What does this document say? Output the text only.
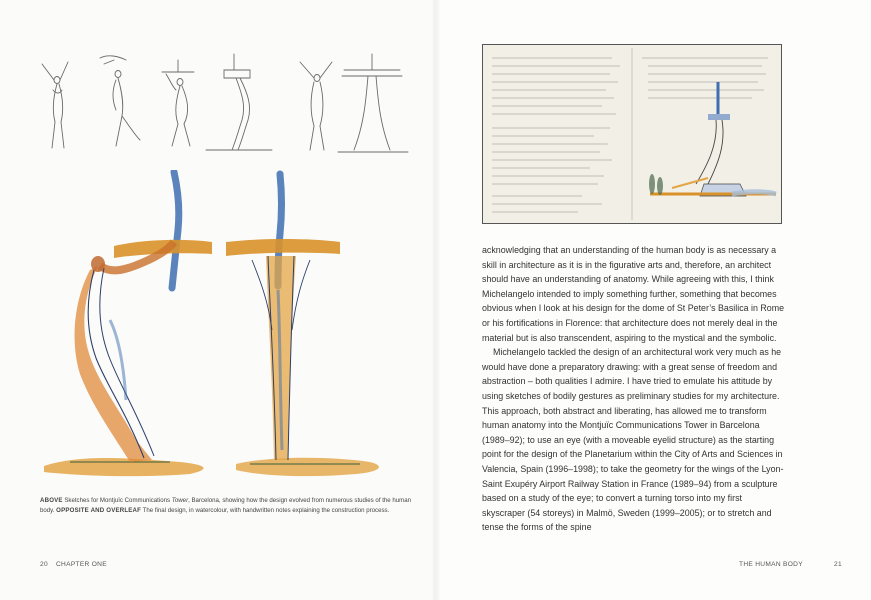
ABOVE Sketches for Montjuïc Communications Tower, Barcelona, showing how the design evolved from numerous studies of the human body. OPPOSITE AND OVERLEAF The final design, in watercolour, with handwritten notes explaining the construction process.

acknowledging that an understanding of the human body is as necessary a skill in architecture as it is in the figurative arts and, therefore, an architect should have an understanding of anatomy. While agreeing with this, I think Michelangelo intended to imply something further, something that becomes obvious when I look at his design for the dome of St Peter’s Basilica in Rome or his fortifications in Florence: that architecture does not merely deal in the material but is also transcendent, aspiring to the mystical and the symbolic.

Michelangelo tackled the design of an architectural work very much as he would have done a preparatory drawing: with a great sense of freedom and abstraction – both qualities I admire. I have tried to emulate his attitude by using sketches of bodily gestures as preliminary studies for my architecture. This approach, both abstract and liberating, has allowed me to transform human anatomy into the Montjuïc Communications Tower in Barcelona (1989–92); to use an eye (with a moveable eyelid structure) as the starting point for the design of the Planetarium within the City of Arts and Sciences in Valencia, Spain (1996–1998); to take the geometry for the wings of the Lyon-Saint Exupéry Airport Railway Station in France (1989–94) from a sculpture based on a study of the eye; to convert a turning torso into my first skyscraper (54 storeys) in Malmö, Sweden (1999–2005); or to stretch and tense the forms of the spine

20 CHAPTER ONE	THE HUMAN BODY	21
